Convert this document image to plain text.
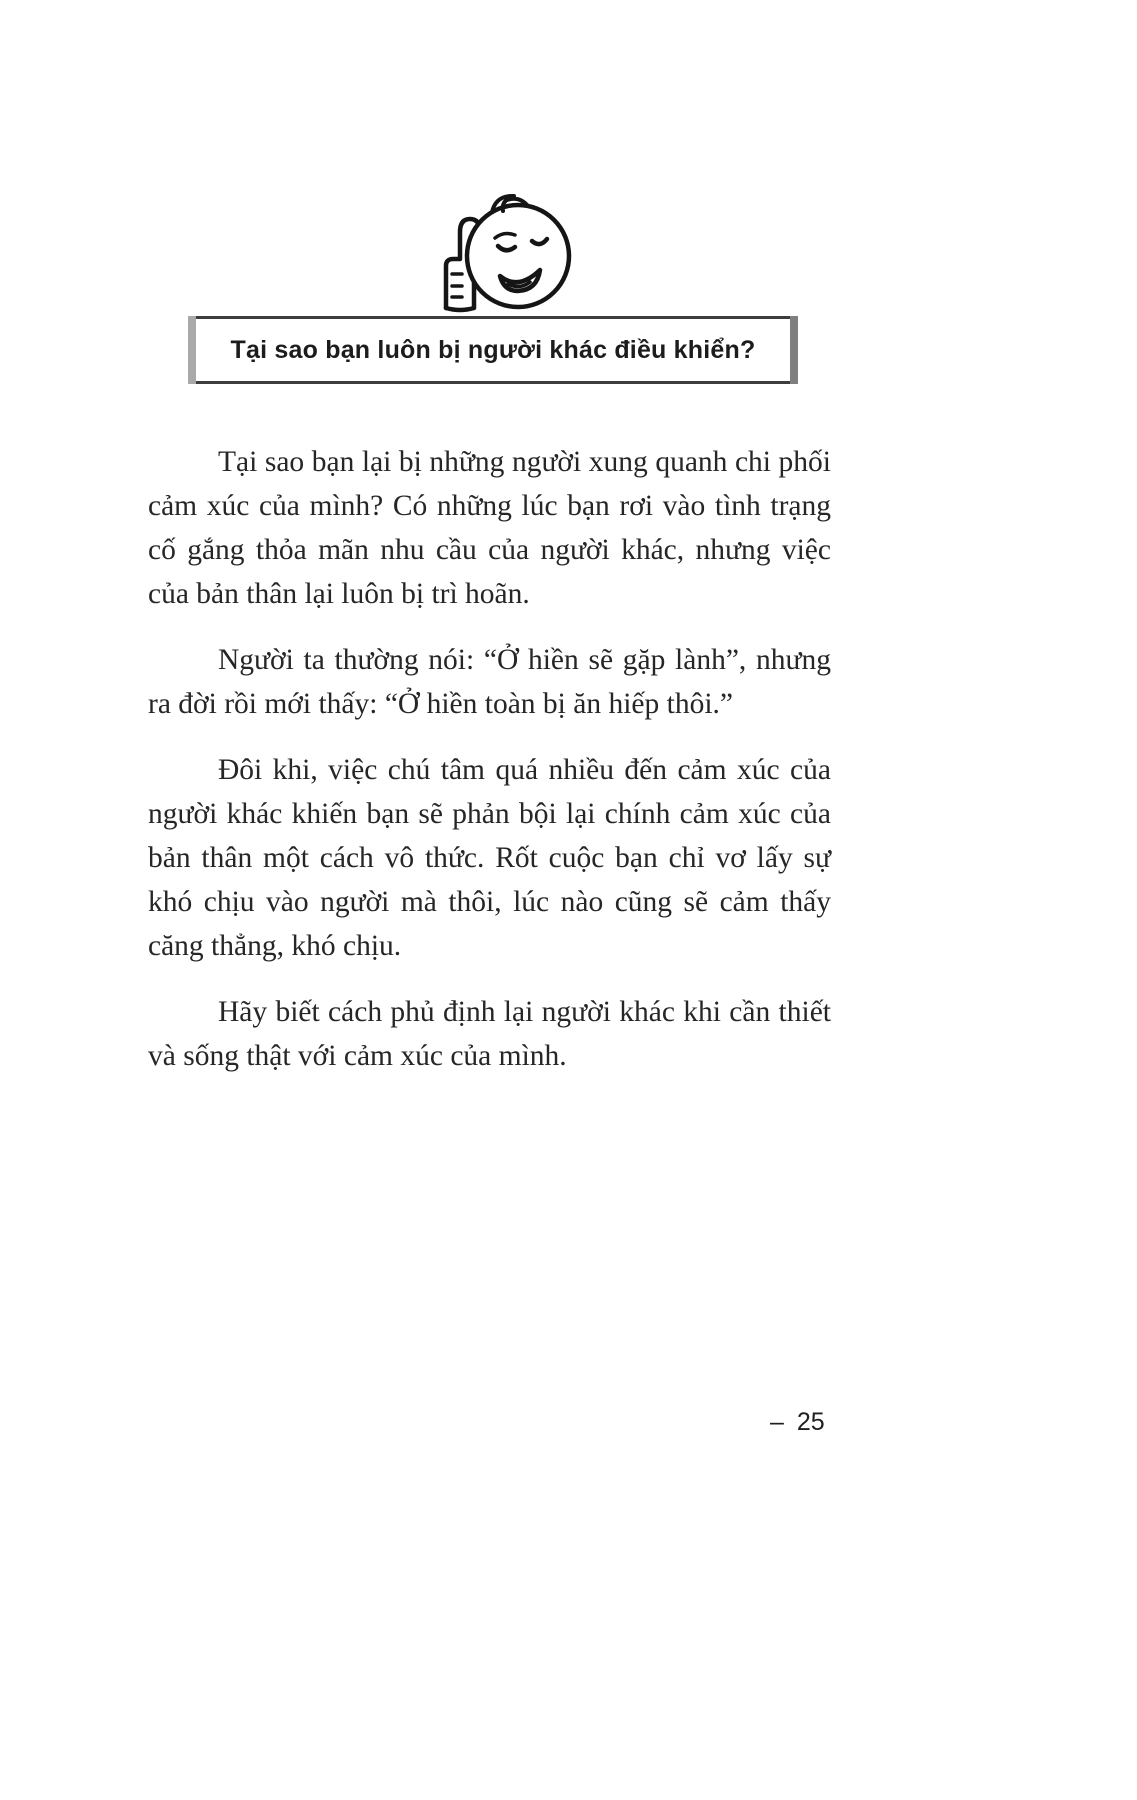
Tại sao bạn luôn bị người khác điều khiển?

Tại sao bạn lại bị những người xung quanh chi phối cảm xúc của mình? Có những lúc bạn rơi vào tình trạng cố gắng thỏa mãn nhu cầu của người khác, nhưng việc của bản thân lại luôn bị trì hoãn.

Người ta thường nói: “Ở hiền sẽ gặp lành”, nhưng ra đời rồi mới thấy: “Ở hiền toàn bị ăn hiếp thôi.”

Đôi khi, việc chú tâm quá nhiều đến cảm xúc của người khác khiến bạn sẽ phản bội lại chính cảm xúc của bản thân một cách vô thức. Rốt cuộc bạn chỉ vơ lấy sự khó chịu vào người mà thôi, lúc nào cũng sẽ cảm thấy căng thẳng, khó chịu.

Hãy biết cách phủ định lại người khác khi cần thiết và sống thật với cảm xúc của mình.

– 25
